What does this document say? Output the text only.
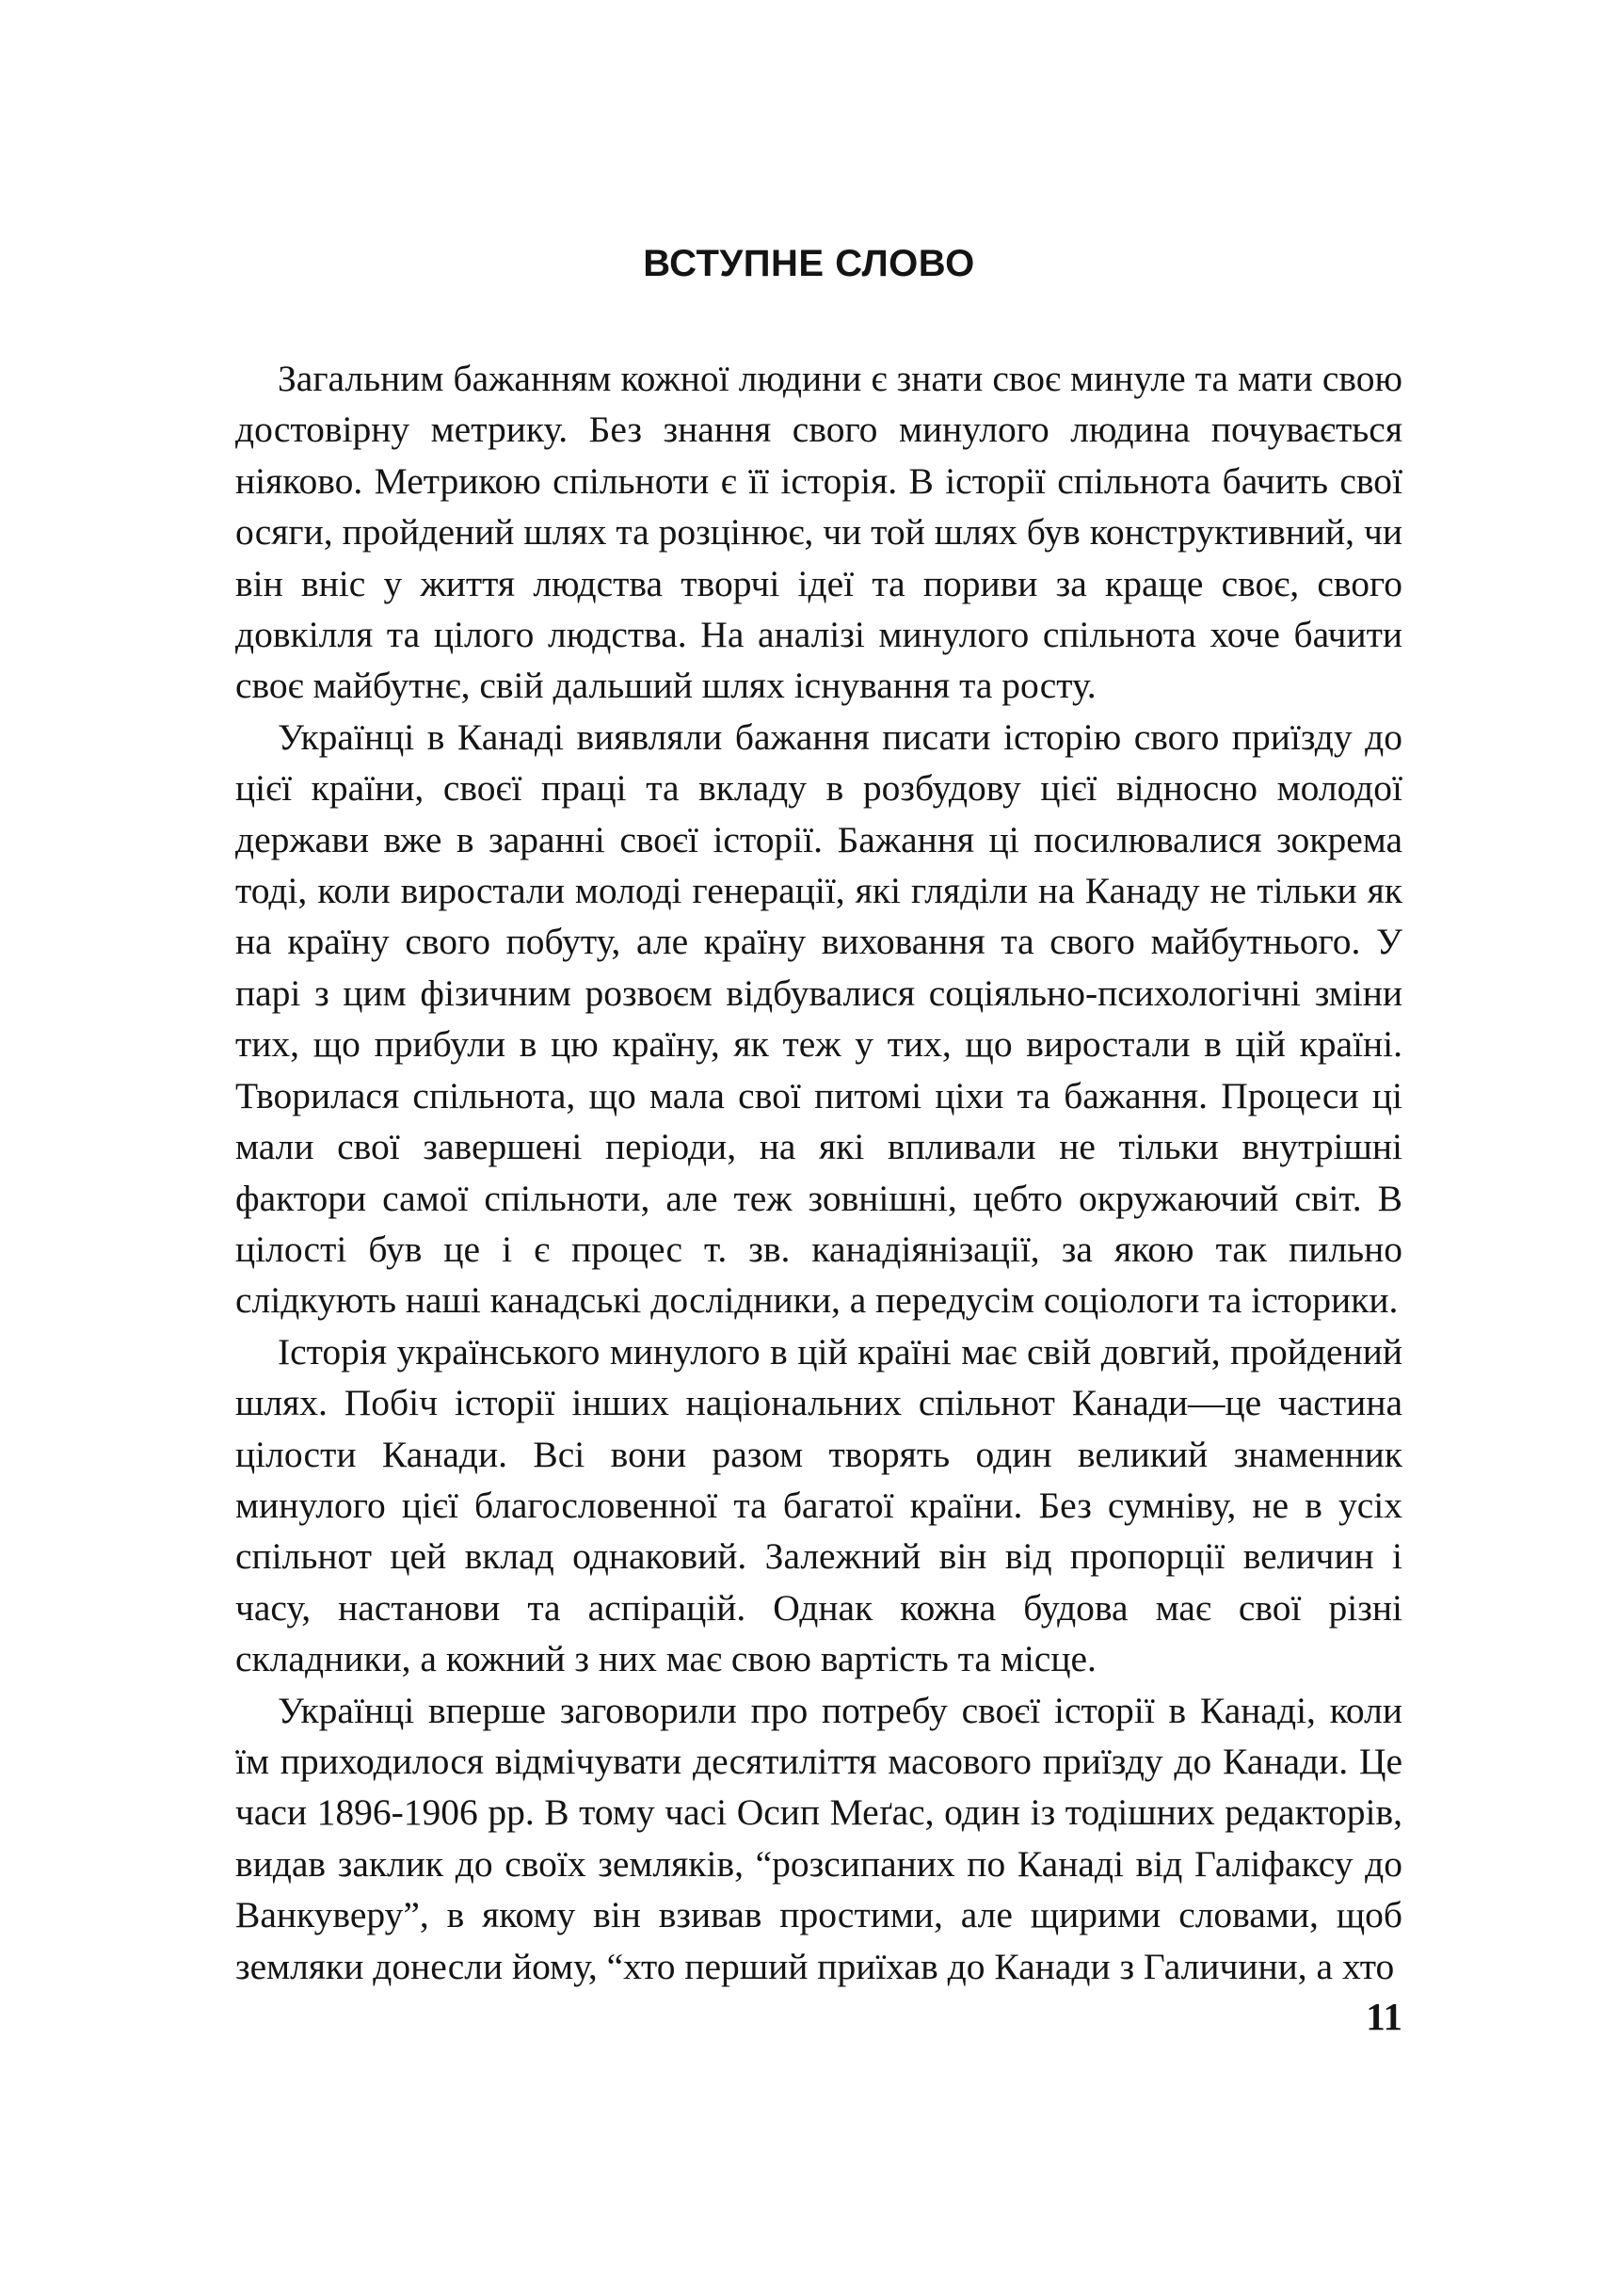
ВСТУПНЕ СЛОВО

Загальним бажанням кожної людини є знати своє минуле та мати свою достовірну метрику. Без знання свого минулого людина почувається ніяково. Метрикою спільноти є її історія. В історії спільнота бачить свої осяги, пройдений шлях та розцінює, чи той шлях був конструктивний, чи він вніс у життя людства творчі ідеї та пориви за краще своє, свого довкілля та цілого людства. На аналізі минулого спільнота хоче бачити своє майбутнє, свій дальший шлях існування та росту.

Українці в Канаді виявляли бажання писати історію свого приїзду до цієї країни, своєї праці та вкладу в розбудову цієї відносно молодої держави вже в заранні своєї історії. Бажання ці посилювалися зокрема тоді, коли виростали молоді генерації, які гляділи на Канаду не тільки як на країну свого побуту, але країну виховання та свого майбутнього. У парі з цим фізичним розвоєм відбувалися соціяльно-психологічні зміни тих, що прибули в цю країну, як теж у тих, що виростали в цій країні. Творилася спільнота, що мала свої питомі ціхи та бажання. Процеси ці мали свої завершені періоди, на які впливали не тільки внутрішні фактори самої спільноти, але теж зовнішні, цебто окружаючий світ. В цілості був це і є процес т. зв. канадіянізації, за якою так пильно слідкують наші канадські дослідники, а передусім соціологи та історики.

Історія українського минулого в цій країні має свій довгий, пройдений шлях. Побіч історії інших національних спільнот Канади—це частина цілости Канади. Всі вони разом творять один великий знаменник минулого цієї благословенної та багатої країни. Без сумніву, не в усіх спільнот цей вклад однаковий. Залежний він від пропорції величин і часу, настанови та аспірацій. Однак кожна будова має свої різні складники, а кожний з них має свою вартість та місце.

Українці вперше заговорили про потребу своєї історії в Канаді, коли їм приходилося відмічувати десятиліття масового приїзду до Канади. Це часи 1896-1906 рр. В тому часі Осип Меґас, один із тодішних редакторів, видав заклик до своїх земляків, “розсипаних по Канаді від Галіфаксу до Ванкуверу”, в якому він взивав простими, але щирими словами, щоб земляки донесли йому, “хто перший приїхав до Канади з Галичини, а хто

11
